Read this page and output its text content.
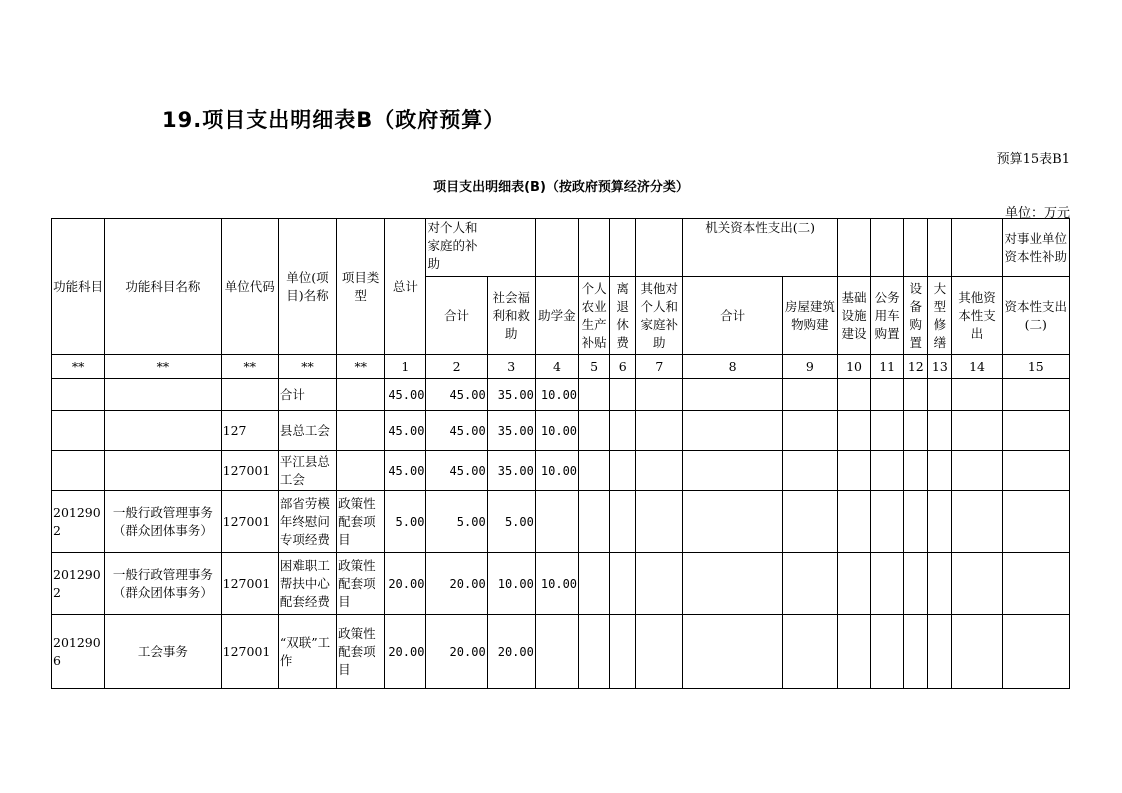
19.项目支出明细表B（政府预算）
预算15表B1
项目支出明细表(B)（按政府预算经济分类）
单位：万元
功能科目	功能科目名称	单位代码	单位(项目)名称	项目类型	总计	对个人和家庭的补助						机关资本性支出(二)							对事业单位资本性补助
						合计	社会福利和救助	助学金	个人农业生产补贴	离退休费	其他对个人和家庭补助	合计	房屋建筑物购建	基础设施建设	公务用车购置	设备购置	大型修缮	其他资本性支出	资本性支出(二)
**	**	**	**	**	1	2	3	4	5	6	7	8	9	10	11	12	13	14	15
			合计		45.00	45.00	35.00	10.00											
		127	县总工会		45.00	45.00	35.00	10.00											
		127001	平江县总工会		45.00	45.00	35.00	10.00											
2012902	一般行政管理事务（群众团体事务）	127001	部省劳模年终慰问专项经费	政策性配套项目	5.00	5.00	5.00												
2012902	一般行政管理事务（群众团体事务）	127001	困难职工帮扶中心配套经费	政策性配套项目	20.00	20.00	10.00	10.00											
2012906	工会事务	127001	“双联”工作	政策性配套项目	20.00	20.00	20.00												
